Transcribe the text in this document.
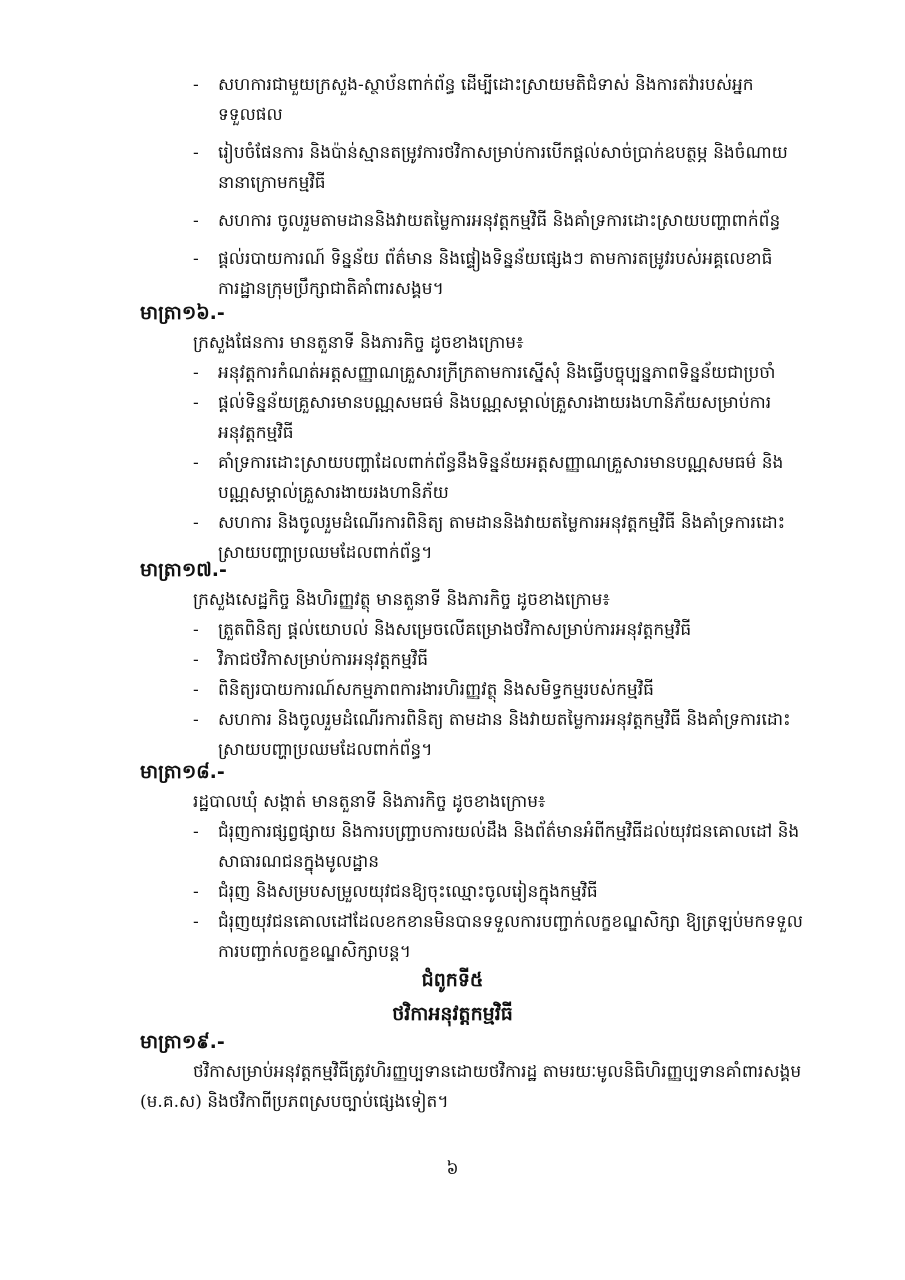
- សហការជាមួយក្រសួង-ស្ថាប័នពាក់ព័ន្ធ ដើម្បីដោះស្រាយមតិជំទាស់ និងការតវ៉ារបស់អ្នកទទួលផល
- រៀបចំផែនការ និងប៉ាន់ស្មានតម្រូវការថវិកាសម្រាប់ការបើកផ្ដល់សាច់ប្រាក់ឧបត្ថម្ភ និងចំណាយនានាក្រោមកម្មវិធី
- សហការ ចូលរួមតាមដាននិងវាយតម្លៃការអនុវត្តកម្មវិធី និងគាំទ្រការដោះស្រាយបញ្ហាពាក់ព័ន្ធ
- ផ្ដល់របាយការណ៍ ទិន្នន័យ ព័ត៌មាន និងផ្ទៀងទិន្នន័យផ្សេងៗ តាមការតម្រូវរបស់អគ្គលេខាធិការដ្ឋានក្រុមប្រឹក្សាជាតិគាំពារសង្គម។
មាត្រា១៦.-
ក្រសួងផែនការ មានតួនាទី និងភារកិច្ច ដូចខាងក្រោម៖
- អនុវត្តការកំណត់អត្តសញ្ញាណគ្រួសារក្រីក្រតាមការស្នើសុំ និងធ្វើបច្ចុប្បន្នភាពទិន្នន័យជាប្រចាំ
- ផ្ដល់ទិន្នន័យគ្រួសារមានបណ្ណសមធម៌ និងបណ្ណសម្គាល់គ្រួសារងាយរងហានិភ័យសម្រាប់ការអនុវត្តកម្មវិធី
- គាំទ្រការដោះស្រាយបញ្ហាដែលពាក់ព័ន្ធនឹងទិន្នន័យអត្តសញ្ញាណគ្រួសារមានបណ្ណសមធម៌ និងបណ្ណសម្គាល់គ្រួសារងាយរងហានិភ័យ
- សហការ និងចូលរួមដំណើរការពិនិត្យ តាមដាននិងវាយតម្លៃការអនុវត្តកម្មវិធី និងគាំទ្រការដោះស្រាយបញ្ហាប្រឈមដែលពាក់ព័ន្ធ។
មាត្រា១៧.-
ក្រសួងសេដ្ឋកិច្ច និងហិរញ្ញវត្ថុ មានតួនាទី និងភារកិច្ច ដូចខាងក្រោម៖
- ត្រួតពិនិត្យ ផ្ដល់យោបល់ និងសម្រេចលើគម្រោងថវិកាសម្រាប់ការអនុវត្តកម្មវិធី
- វិភាជថវិកាសម្រាប់ការអនុវត្តកម្មវិធី
- ពិនិត្យរបាយការណ៍សកម្មភាពការងារហិរញ្ញវត្ថុ និងសមិទ្ធកម្មរបស់កម្មវិធី
- សហការ និងចូលរួមដំណើរការពិនិត្យ តាមដាន និងវាយតម្លៃការអនុវត្តកម្មវិធី និងគាំទ្រការដោះស្រាយបញ្ហាប្រឈមដែលពាក់ព័ន្ធ។
មាត្រា១៨.-
រដ្ឋបាលឃុំ សង្កាត់ មានតួនាទី និងភារកិច្ច ដូចខាងក្រោម៖
- ជំរុញការផ្សព្វផ្សាយ និងការបញ្ជ្រាបការយល់ដឹង និងព័ត៌មានអំពីកម្មវិធីដល់យុវជនគោលដៅ និងសាធារណជនក្នុងមូលដ្ឋាន
- ជំរុញ និងសម្របសម្រួលយុវជនឱ្យចុះឈ្មោះចូលរៀនក្នុងកម្មវិធី
- ជំរុញយុវជនគោលដៅដែលខកខានមិនបានទទួលការបញ្ជាក់លក្ខខណ្ឌសិក្សា ឱ្យត្រឡប់មកទទួលការបញ្ជាក់លក្ខខណ្ឌសិក្សាបន្ត។
ជំពូកទី៥
ថវិកាអនុវត្តកម្មវិធី
មាត្រា១៩.-
ថវិកាសម្រាប់អនុវត្តកម្មវិធីត្រូវហិរញ្ញប្បទានដោយថវិការដ្ឋ តាមរយៈមូលនិធិហិរញ្ញប្បទានគាំពារសង្គម (ម.គ.ស) និងថវិកាពីប្រភពស្របច្បាប់ផ្សេងទៀត។
៦
